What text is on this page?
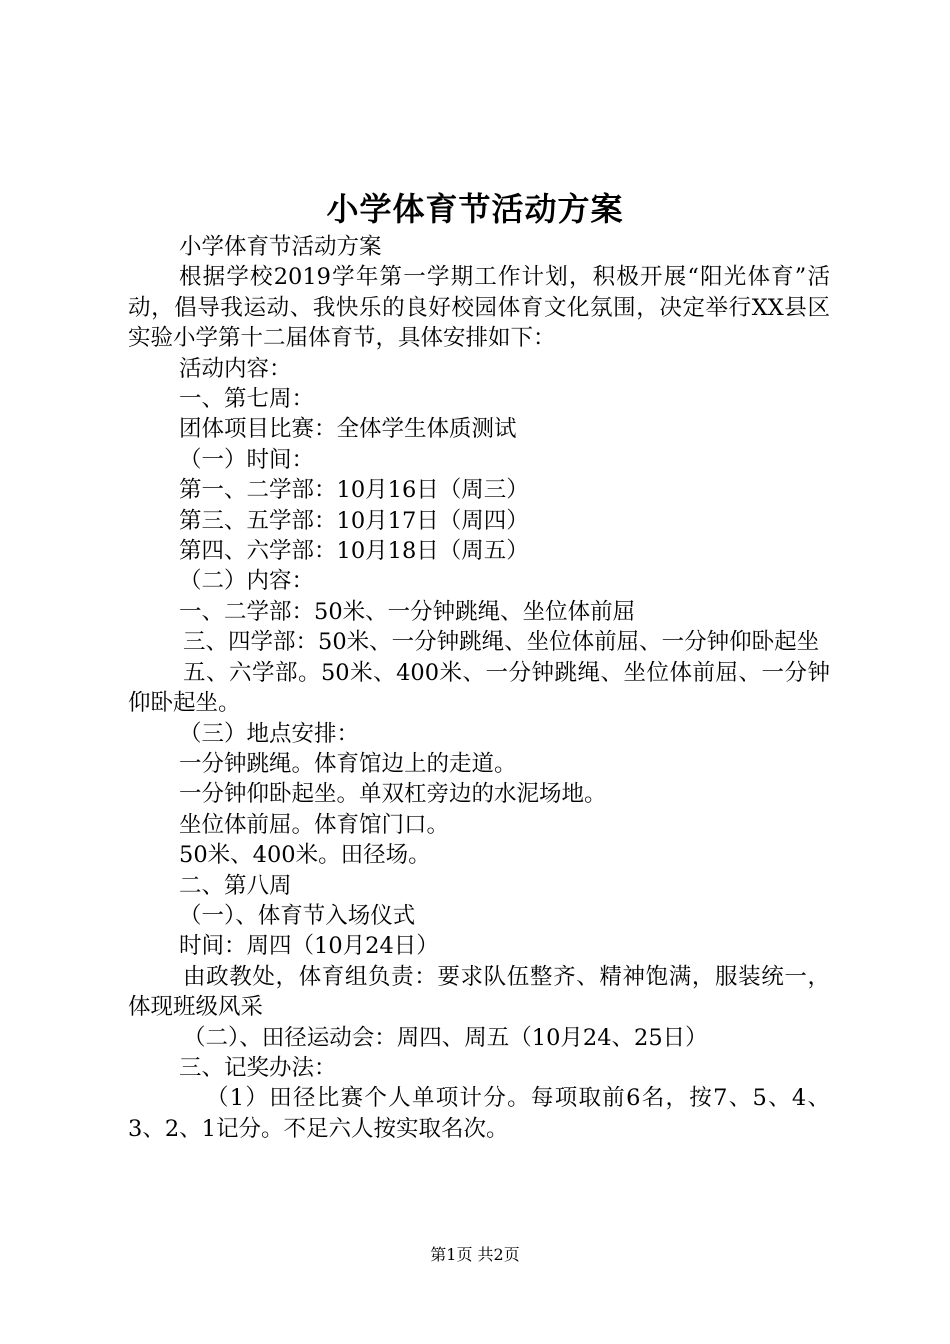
小学体育节活动方案

小学体育节活动方案

根据学校2019学年第一学期工作计划，积极开展“阳光体育”活动，倡导我运动、我快乐的良好校园体育文化氛围，决定举行XX县区实验小学第十二届体育节，具体安排如下：

活动内容：

一、第七周：

团体项目比赛：全体学生体质测试

（一）时间：

第一、二学部：10月16日（周三）

第三、五学部：10月17日（周四）

第四、六学部：10月18日（周五）

（二）内容：

一、二学部：50米、一分钟跳绳、坐位体前屈

三、四学部：50米、一分钟跳绳、坐位体前屈、一分钟仰卧起坐

五、六学部。50米、400米、一分钟跳绳、坐位体前屈、一分钟仰卧起坐。

（三）地点安排：

一分钟跳绳。体育馆边上的走道。

一分钟仰卧起坐。单双杠旁边的水泥场地。

坐位体前屈。体育馆门口。

50米、400米。田径场。

二、第八周

（一）、体育节入场仪式

时间：周四（10月24日）

由政教处，体育组负责：要求队伍整齐、精神饱满，服装统一，体现班级风采

（二）、田径运动会：周四、周五（10月24、25日）

三、记奖办法：

（1）田径比赛个人单项计分。每项取前6名，按7、5、4、3、2、1记分。不足六人按实取名次。

第1页 共2页
